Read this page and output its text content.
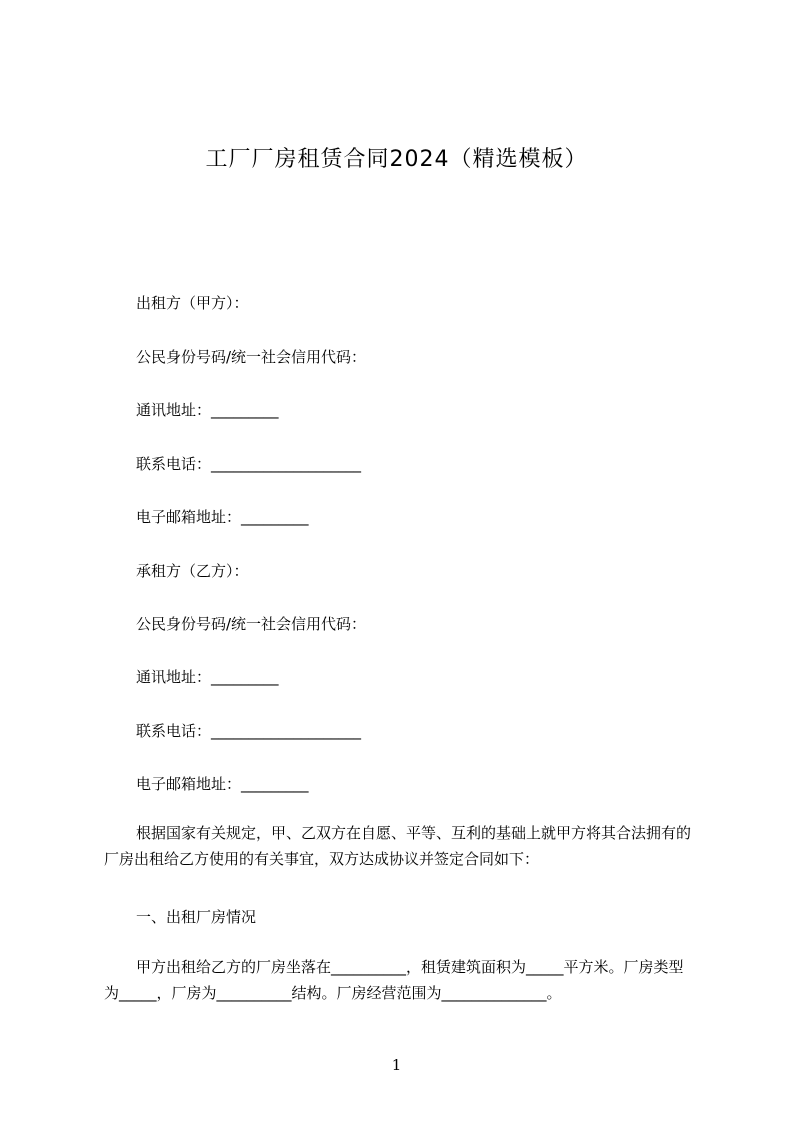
工厂厂房租赁合同2024（精选模板）
出租方（甲方）：
公民身份号码/统一社会信用代码：
通讯地址：_________
联系电话：____________________
电子邮箱地址：_________
承租方（乙方）：
公民身份号码/统一社会信用代码：
通讯地址：_________
联系电话：____________________
电子邮箱地址：_________
根据国家有关规定，甲、乙双方在自愿、平等、互利的基础上就甲方将其合法拥有的厂房出租给乙方使用的有关事宜，双方达成协议并签定合同如下：
一、出租厂房情况
甲方出租给乙方的厂房坐落在__________，租赁建筑面积为_____平方米。厂房类型为_____，厂房为__________结构。厂房经营范围为______________。
1
